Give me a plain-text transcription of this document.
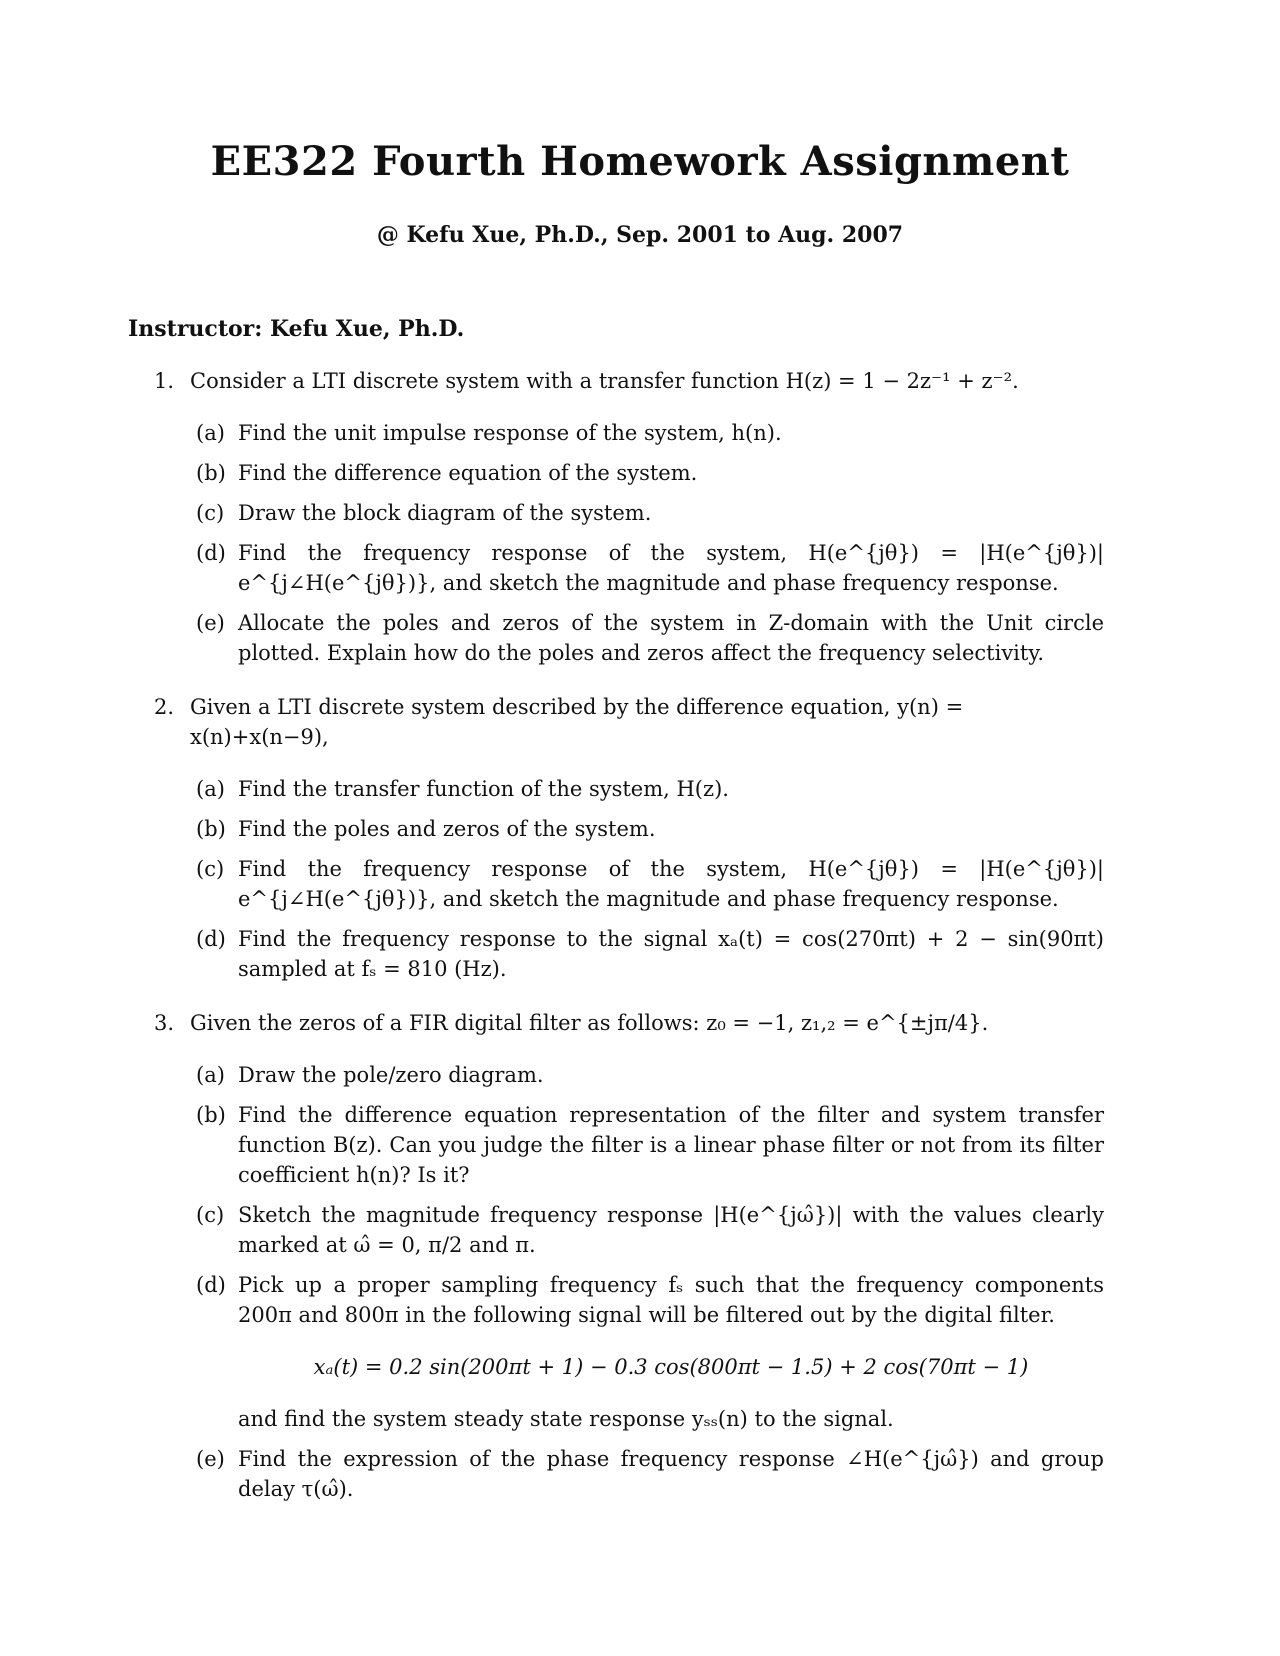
EE322 Fourth Homework Assignment
@ Kefu Xue, Ph.D., Sep. 2001 to Aug. 2007
Instructor: Kefu Xue, Ph.D.
1. Consider a LTI discrete system with a transfer function H(z) = 1 − 2z⁻¹ + z⁻².
(a) Find the unit impulse response of the system, h(n).
(b) Find the difference equation of the system.
(c) Draw the block diagram of the system.
(d) Find the frequency response of the system, H(e^{jθ}) = |H(e^{jθ})| e^{j∠H(e^{jθ})}, and sketch the magnitude and phase frequency response.
(e) Allocate the poles and zeros of the system in Z-domain with the Unit circle plotted. Explain how do the poles and zeros affect the frequency selectivity.
2. Given a LTI discrete system described by the difference equation, y(n) = x(n)+x(n−9),
(a) Find the transfer function of the system, H(z).
(b) Find the poles and zeros of the system.
(c) Find the frequency response of the system, H(e^{jθ}) = |H(e^{jθ})| e^{j∠H(e^{jθ})}, and sketch the magnitude and phase frequency response.
(d) Find the frequency response to the signal xₐ(t) = cos(270πt) + 2 − sin(90πt) sampled at fₛ = 810 (Hz).
3. Given the zeros of a FIR digital filter as follows: z₀ = −1, z₁,₂ = e^{±jπ/4}.
(a) Draw the pole/zero diagram.
(b) Find the difference equation representation of the filter and system transfer function B(z). Can you judge the filter is a linear phase filter or not from its filter coefficient h(n)? Is it?
(c) Sketch the magnitude frequency response |H(e^{jω̂})| with the values clearly marked at ω̂ = 0, π/2 and π.
(d) Pick up a proper sampling frequency fₛ such that the frequency components 200π and 800π in the following signal will be filtered out by the digital filter.
xₐ(t) = 0.2 sin(200πt + 1) − 0.3 cos(800πt − 1.5) + 2 cos(70πt − 1)
and find the system steady state response yₛₛ(n) to the signal.
(e) Find the expression of the phase frequency response ∠H(e^{jω̂}) and group delay τ(ω̂).
